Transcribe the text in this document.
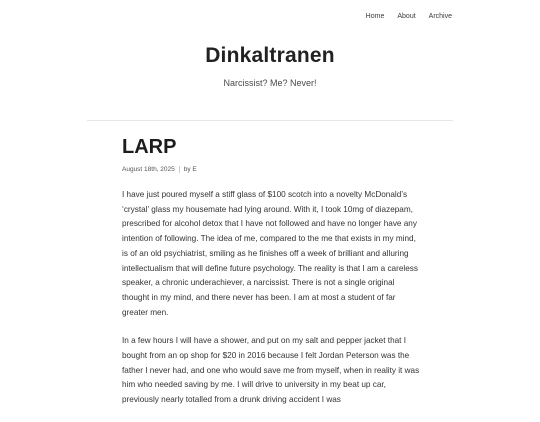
Home About Archive
Dinkaltranen
Narcissist? Me? Never!
LARP
August 18th, 2025 by E

I have just poured myself a stiff glass of $100 scotch into a novelty McDonald’s ‘crystal’ glass my housemate had lying around. With it, I took 10mg of diazepam, prescribed for alcohol detox that I have not followed and have no longer have any intention of following. The idea of me, compared to the me that exists in my mind, is of an old psychiatrist, smiling as he finishes off a week of brilliant and alluring intellectualism that will define future psychology. The reality is that I am a careless speaker, a chronic underachiever, a narcissist. There is not a single original thought in my mind, and there never has been. I am at most a student of far greater men.

In a few hours I will have a shower, and put on my salt and pepper jacket that I bought from an op shop for $20 in 2016 because I felt Jordan Peterson was the father I never had, and one who would save me from myself, when in reality it was him who needed saving by me. I will drive to university in my beat up car, previously nearly totalled from a drunk driving accident I was
